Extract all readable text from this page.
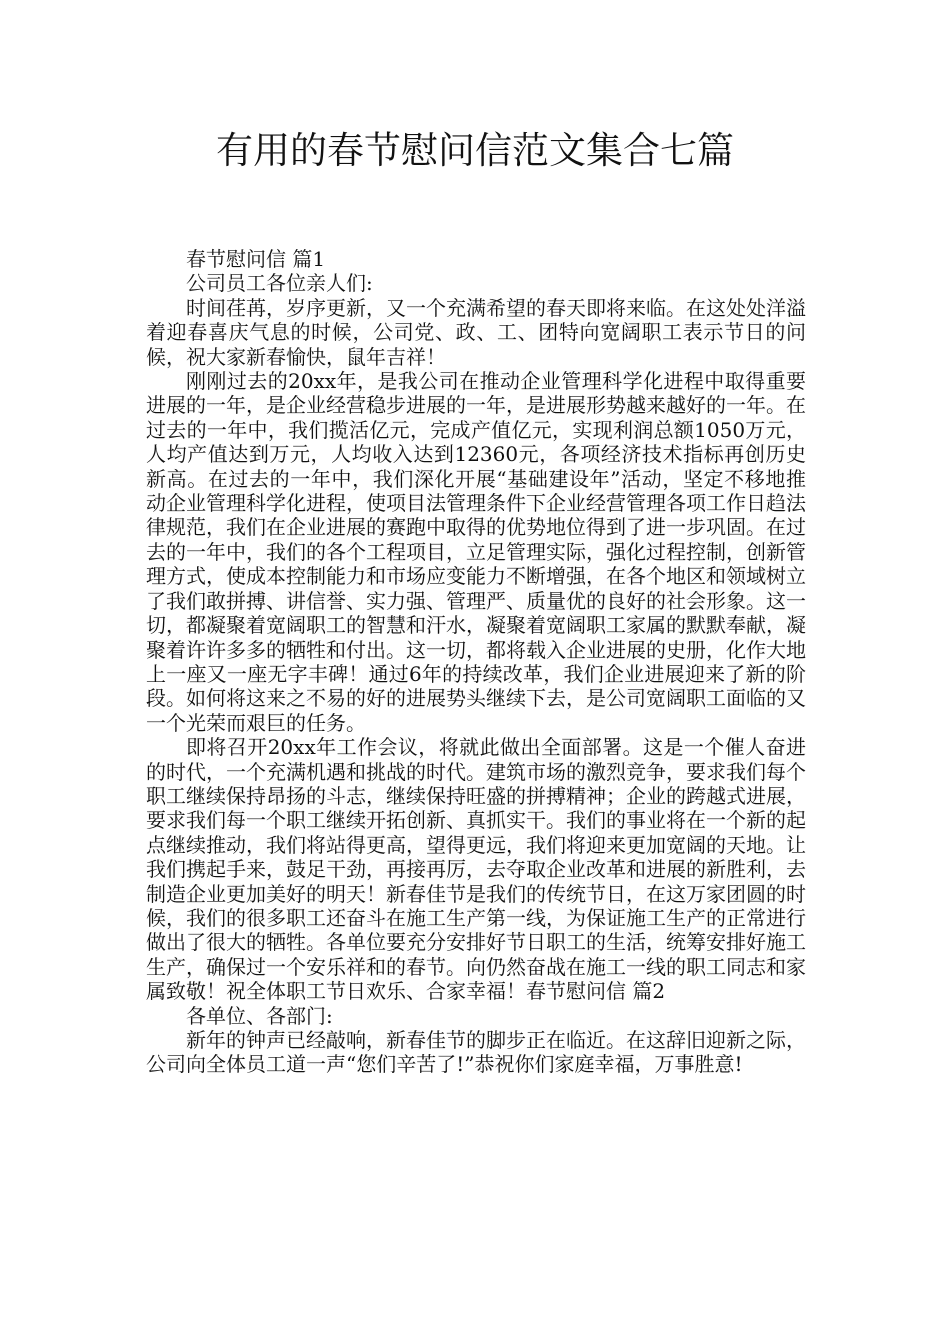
有用的春节慰问信范文集合七篇
春节慰问信 篇1
公司员工各位亲人们:

时间荏苒，岁序更新，又一个充满希望的春天即将来临。在这处处洋溢着迎春喜庆气息的时候，公司党、政、工、团特向宽阔职工表示节日的问候，祝大家新春愉快，鼠年吉祥！

刚刚过去的20xx年，是我公司在推动企业管理科学化进程中取得重要进展的一年，是企业经营稳步进展的一年，是进展形势越来越好的一年。在过去的一年中，我们揽活亿元，完成产值亿元，实现利润总额1050万元，人均产值达到万元，人均收入达到12360元，各项经济技术指标再创历史新高。在过去的一年中，我们深化开展“基础建设年”活动，坚定不移地推动企业管理科学化进程，使项目法管理条件下企业经营管理各项工作日趋法律规范，我们在企业进展的赛跑中取得的优势地位得到了进一步巩固。在过去的一年中，我们的各个工程项目，立足管理实际，强化过程控制，创新管理方式，使成本控制能力和市场应变能力不断增强，在各个地区和领域树立了我们敢拼搏、讲信誉、实力强、管理严、质量优的良好的社会形象。这一切，都凝聚着宽阔职工的智慧和汗水，凝聚着宽阔职工家属的默默奉献，凝聚着许许多多的牺牲和付出。这一切，都将载入企业进展的史册，化作大地上一座又一座无字丰碑！通过6年的持续改革，我们企业进展迎来了新的阶段。如何将这来之不易的好的进展势头继续下去，是公司宽阔职工面临的又一个光荣而艰巨的任务。

即将召开20xx年工作会议，将就此做出全面部署。这是一个催人奋进的时代，一个充满机遇和挑战的时代。建筑市场的激烈竞争，要求我们每个职工继续保持昂扬的斗志，继续保持旺盛的拼搏精神；企业的跨越式进展，要求我们每一个职工继续开拓创新、真抓实干。我们的事业将在一个新的起点继续推动，我们将站得更高，望得更远，我们将迎来更加宽阔的天地。让我们携起手来，鼓足干劲，再接再厉，去夺取企业改革和进展的新胜利，去制造企业更加美好的明天！新春佳节是我们的传统节日，在这万家团圆的时候，我们的很多职工还奋斗在施工生产第一线，为保证施工生产的正常进行做出了很大的牺牲。各单位要充分安排好节日职工的生活，统筹安排好施工生产，确保过一个安乐祥和的春节。向仍然奋战在施工一线的职工同志和家属致敬！祝全体职工节日欢乐、合家幸福！春节慰问信 篇2

各单位、各部门:

新年的钟声已经敲响，新春佳节的脚步正在临近。在这辞旧迎新之际，公司向全体员工道一声“您们辛苦了!”恭祝你们家庭幸福，万事胜意!
